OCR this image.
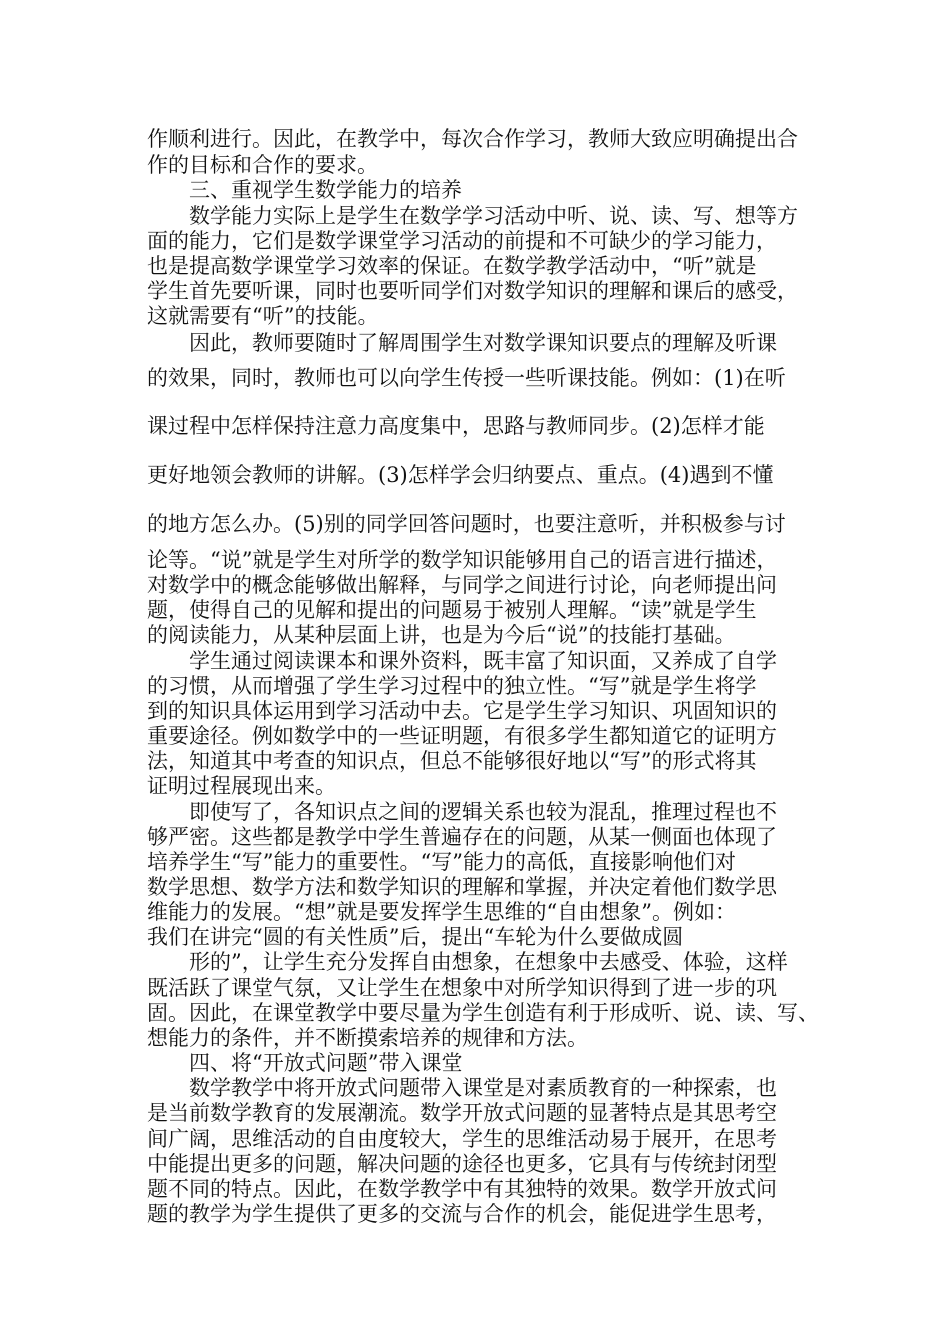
作顺利进行。因此，在教学中，每次合作学习，教师大致应明确提出合

作的目标和合作的要求。

三、重视学生数学能力的培养

数学能力实际上是学生在数学学习活动中听、说、读、写、想等方

面的能力，它们是数学课堂学习活动的前提和不可缺少的学习能力，

也是提高数学课堂学习效率的保证。在数学教学活动中，“听”就是

学生首先要听课，同时也要听同学们对数学知识的理解和课后的感受，

这就需要有“听”的技能。

因此，教师要随时了解周围学生对数学课知识要点的理解及听课

的效果，同时，教师也可以向学生传授一些听课技能。例如：(1)在听

课过程中怎样保持注意力高度集中，思路与教师同步。(2)怎样才能

更好地领会教师的讲解。(3)怎样学会归纳要点、重点。(4)遇到不懂

的地方怎么办。(5)别的同学回答问题时，也要注意听，并积极参与讨

论等。“说”就是学生对所学的数学知识能够用自己的语言进行描述，

对数学中的概念能够做出解释，与同学之间进行讨论，向老师提出问

题，使得自己的见解和提出的问题易于被别人理解。“读”就是学生

的阅读能力，从某种层面上讲，也是为今后“说”的技能打基础。

学生通过阅读课本和课外资料，既丰富了知识面，又养成了自学

的习惯，从而增强了学生学习过程中的独立性。“写”就是学生将学

到的知识具体运用到学习活动中去。它是学生学习知识、巩固知识的

重要途径。例如数学中的一些证明题，有很多学生都知道它的证明方

法，知道其中考查的知识点，但总不能够很好地以“写”的形式将其

证明过程展现出来。

即使写了，各知识点之间的逻辑关系也较为混乱，推理过程也不

够严密。这些都是教学中学生普遍存在的问题，从某一侧面也体现了

培养学生“写”能力的重要性。“写”能力的高低，直接影响他们对

数学思想、数学方法和数学知识的理解和掌握，并决定着他们数学思

维能力的发展。“想”就是要发挥学生思维的“自由想象”。例如：

我们在讲完“圆的有关性质”后，提出“车轮为什么要做成圆

形的”，让学生充分发挥自由想象，在想象中去感受、体验，这样

既活跃了课堂气氛，又让学生在想象中对所学知识得到了进一步的巩

固。因此，在课堂教学中要尽量为学生创造有利于形成听、说、读、写、

想能力的条件，并不断摸索培养的规律和方法。

四、将“开放式问题”带入课堂

数学教学中将开放式问题带入课堂是对素质教育的一种探索，也

是当前数学教育的发展潮流。数学开放式问题的显著特点是其思考空

间广阔，思维活动的自由度较大，学生的思维活动易于展开，在思考

中能提出更多的问题，解决问题的途径也更多，它具有与传统封闭型

题不同的特点。因此，在数学教学中有其独特的效果。数学开放式问

题的教学为学生提供了更多的交流与合作的机会，能促进学生思考，
